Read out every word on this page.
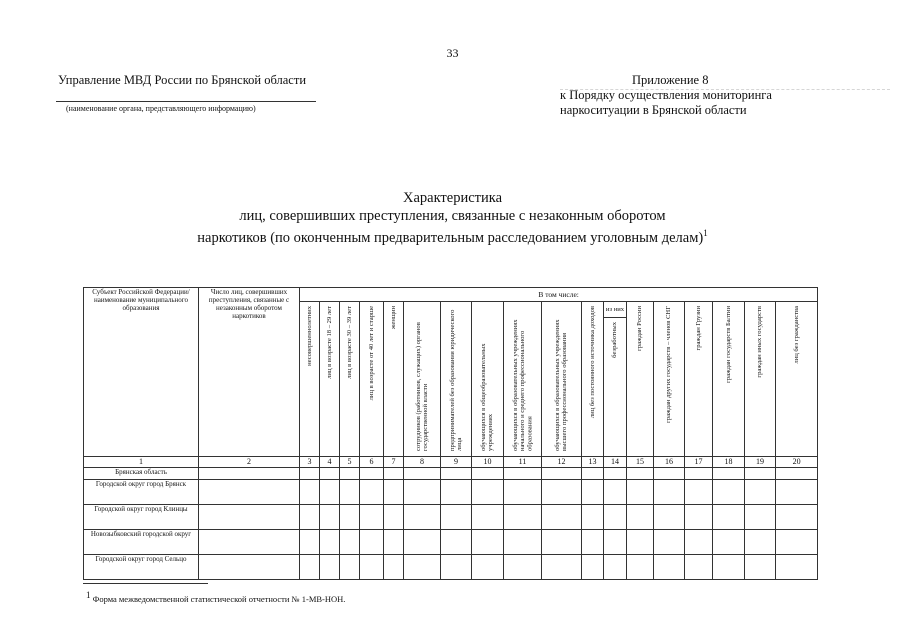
33
Управление МВД России по Брянской области
(наименование органа, представляющего информацию)
Приложение 8
к Порядку осуществления мониторинга
наркоситуации в Брянской области
Характеристика
лиц, совершивших преступления, связанные с незаконным оборотом
наркотиков (по оконченным предварительным расследованием уголовным делам)$^1$
Субъект Российской Федерации/ наименование муниципального образования	Число лиц, совершивших преступления, связанные с незаконным оборотом наркотиков	В том числе:																	
		несовершеннолетних	лиц в возрасте 18 – 29 лет	лиц в возрасте 30 – 39 лет	лиц в возрасте от 40 лет и старше	женщин	сотрудников (работников, служащих) органов государственной власти	предпринимателей без образования юридического лица	обучающихся в общеобразовательных учреждениях	обучающихся в образовательных учреждениях начального и среднего профессионального образования	обучающихся в образовательных учреждениях высшего профессионального образования	лиц без постоянного источника доходов	из них	граждан России	граждан других государств – членов СНГ	граждан Грузии	граждан государств Балтии	граждан иных государств	лиц без гражданства
													безработных						
1	2	3	4	5	6	7	8	9	10	11	12	13	14	15	16	17	18	19	20
Брянская область																			
Городской округ город Брянск																			
Городской округ город Клинцы																			
Новозыбковский городской округ																			
Городской округ город Сельцо																			
$^1$ Форма межведомственной статистической отчетности № 1-МВ-НОН.
